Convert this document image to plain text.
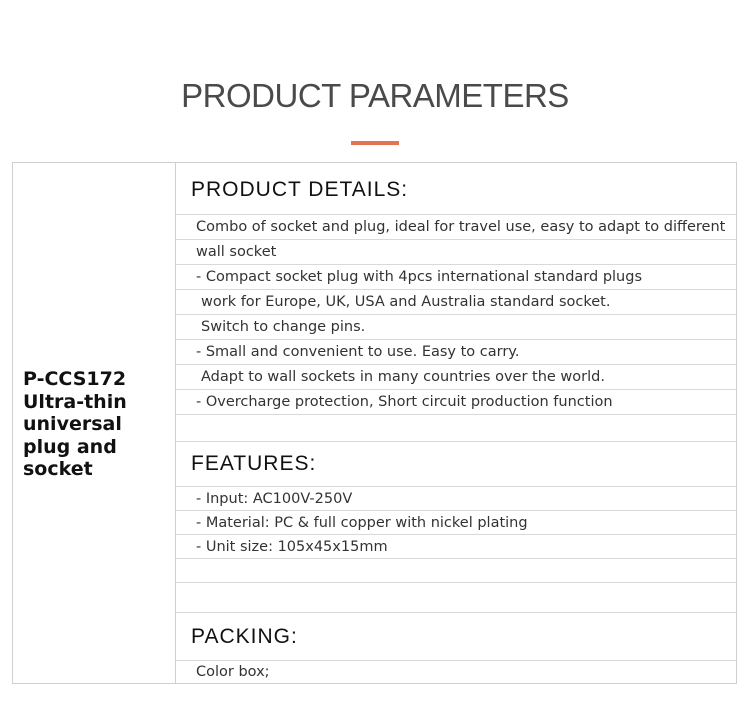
PRODUCT PARAMETERS

P-CCS172
Ultra-thin
universal
plug and
socket

PRODUCT DETAILS:
Combo of socket and plug, ideal for travel use, easy to adapt to different
wall socket
- Compact socket plug with 4pcs international standard plugs
work for Europe, UK, USA and Australia standard socket.
Switch to change pins.
- Small and convenient to use. Easy to carry.
Adapt to wall sockets in many countries over the world.
- Overcharge protection, Short circuit production function
FEATURES:
- Input: AC100V-250V
- Material: PC & full copper with nickel plating
- Unit size: 105x45x15mm
PACKING:
Color box;
